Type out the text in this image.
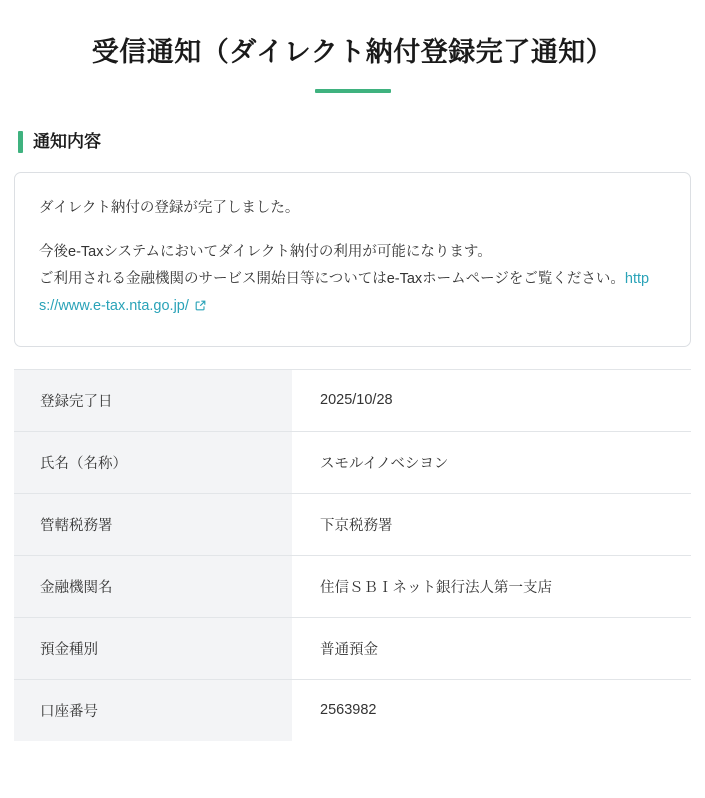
受信通知（ダイレクト納付登録完了通知）
通知内容
ダイレクト納付の登録が完了しました。
今後e-Taxシステムにおいてダイレクト納付の利用が可能になります。
ご利用される金融機関のサービス開始日等についてはe-Taxホームページをご覧ください。https://www.e-tax.nta.go.jp/
登録完了日	2025/10/28
氏名（名称）	スモルイノベシヨン
管轄税務署	下京税務署
金融機関名	住信ＳＢＩネット銀行法人第一支店
預金種別	普通預金
口座番号	2563982
